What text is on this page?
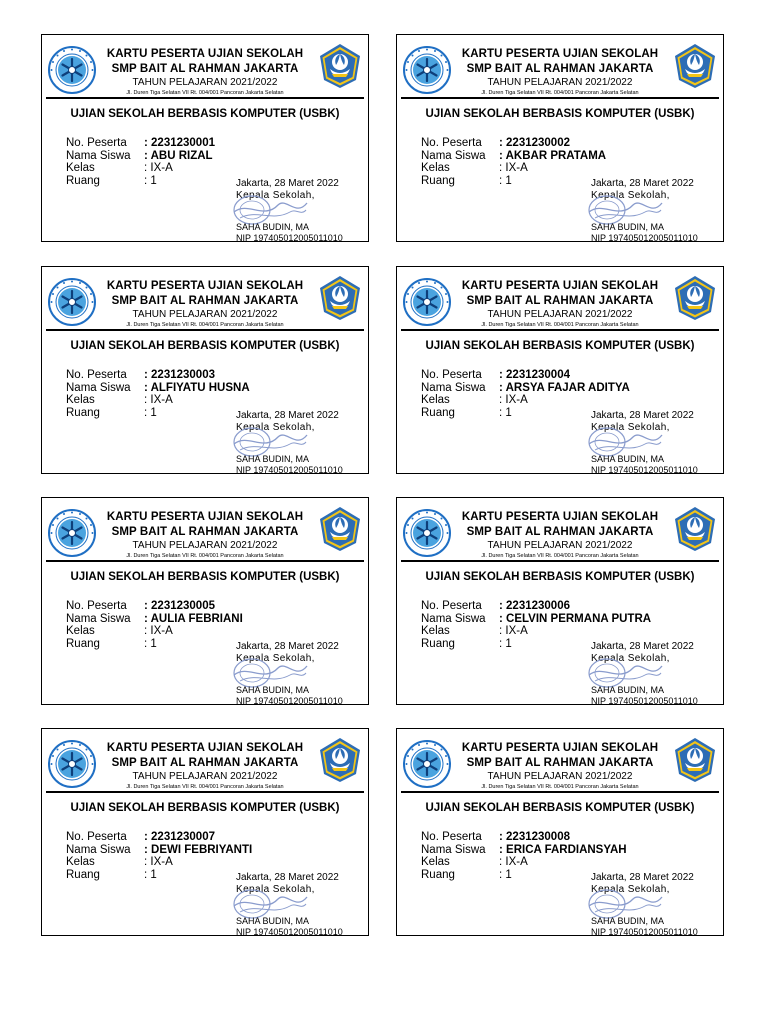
KARTU PESERTA UJIAN SEKOLAH
SMP BAIT AL RAHMAN JAKARTA
TAHUN PELAJARAN 2021/2022
Jl. Duren Tiga Selatan VII Rt. 004/001 Pancoran Jakarta Selatan
UJIAN SEKOLAH BERBASIS KOMPUTER (USBK)
No. Peserta : 2231230001
Nama Siswa : ABU RIZAL
Kelas	: IX-A
Ruang	: 1	Jakarta, 28 Maret 2022
Kepala Sekolah,
SAHA BUDIN, MA
NIP 197405012005011010
KARTU PESERTA UJIAN SEKOLAH
SMP BAIT AL RAHMAN JAKARTA
TAHUN PELAJARAN 2021/2022
Jl. Duren Tiga Selatan VII Rt. 004/001 Pancoran Jakarta Selatan
UJIAN SEKOLAH BERBASIS KOMPUTER (USBK)
No. Peserta : 2231230002
Nama Siswa : AKBAR PRATAMA
Kelas	: IX-A
Ruang	: 1	Jakarta, 28 Maret 2022
Kepala Sekolah,
SAHA BUDIN, MA
NIP 197405012005011010
KARTU PESERTA UJIAN SEKOLAH
SMP BAIT AL RAHMAN JAKARTA
TAHUN PELAJARAN 2021/2022
Jl. Duren Tiga Selatan VII Rt. 004/001 Pancoran Jakarta Selatan
UJIAN SEKOLAH BERBASIS KOMPUTER (USBK)
No. Peserta : 2231230003
Nama Siswa : ALFIYATU HUSNA
Kelas	: IX-A
Ruang	: 1	Jakarta, 28 Maret 2022
Kepala Sekolah,
SAHA BUDIN, MA
NIP 197405012005011010
KARTU PESERTA UJIAN SEKOLAH
SMP BAIT AL RAHMAN JAKARTA
TAHUN PELAJARAN 2021/2022
Jl. Duren Tiga Selatan VII Rt. 004/001 Pancoran Jakarta Selatan
UJIAN SEKOLAH BERBASIS KOMPUTER (USBK)
No. Peserta : 2231230004
Nama Siswa : ARSYA FAJAR ADITYA
Kelas	: IX-A
Ruang	: 1	Jakarta, 28 Maret 2022
Kepala Sekolah,
SAHA BUDIN, MA
NIP 197405012005011010
KARTU PESERTA UJIAN SEKOLAH
SMP BAIT AL RAHMAN JAKARTA
TAHUN PELAJARAN 2021/2022
Jl. Duren Tiga Selatan VII Rt. 004/001 Pancoran Jakarta Selatan
UJIAN SEKOLAH BERBASIS KOMPUTER (USBK)
No. Peserta : 2231230005
Nama Siswa : AULIA FEBRIANI
Kelas	: IX-A
Ruang	: 1	Jakarta, 28 Maret 2022
Kepala Sekolah,
SAHA BUDIN, MA
NIP 197405012005011010
KARTU PESERTA UJIAN SEKOLAH
SMP BAIT AL RAHMAN JAKARTA
TAHUN PELAJARAN 2021/2022
Jl. Duren Tiga Selatan VII Rt. 004/001 Pancoran Jakarta Selatan
UJIAN SEKOLAH BERBASIS KOMPUTER (USBK)
No. Peserta : 2231230006
Nama Siswa : CELVIN PERMANA PUTRA
Kelas	: IX-A
Ruang	: 1	Jakarta, 28 Maret 2022
Kepala Sekolah,
SAHA BUDIN, MA
NIP 197405012005011010
KARTU PESERTA UJIAN SEKOLAH
SMP BAIT AL RAHMAN JAKARTA
TAHUN PELAJARAN 2021/2022
Jl. Duren Tiga Selatan VII Rt. 004/001 Pancoran Jakarta Selatan
UJIAN SEKOLAH BERBASIS KOMPUTER (USBK)
No. Peserta : 2231230007
Nama Siswa : DEWI FEBRIYANTI
Kelas	: IX-A
Ruang	: 1	Jakarta, 28 Maret 2022
Kepala Sekolah,
SAHA BUDIN, MA
NIP 197405012005011010
KARTU PESERTA UJIAN SEKOLAH
SMP BAIT AL RAHMAN JAKARTA
TAHUN PELAJARAN 2021/2022
Jl. Duren Tiga Selatan VII Rt. 004/001 Pancoran Jakarta Selatan
UJIAN SEKOLAH BERBASIS KOMPUTER (USBK)
No. Peserta : 2231230008
Nama Siswa : ERICA FARDIANSYAH
Kelas	: IX-A
Ruang	: 1	Jakarta, 28 Maret 2022
Kepala Sekolah,
SAHA BUDIN, MA
NIP 197405012005011010
